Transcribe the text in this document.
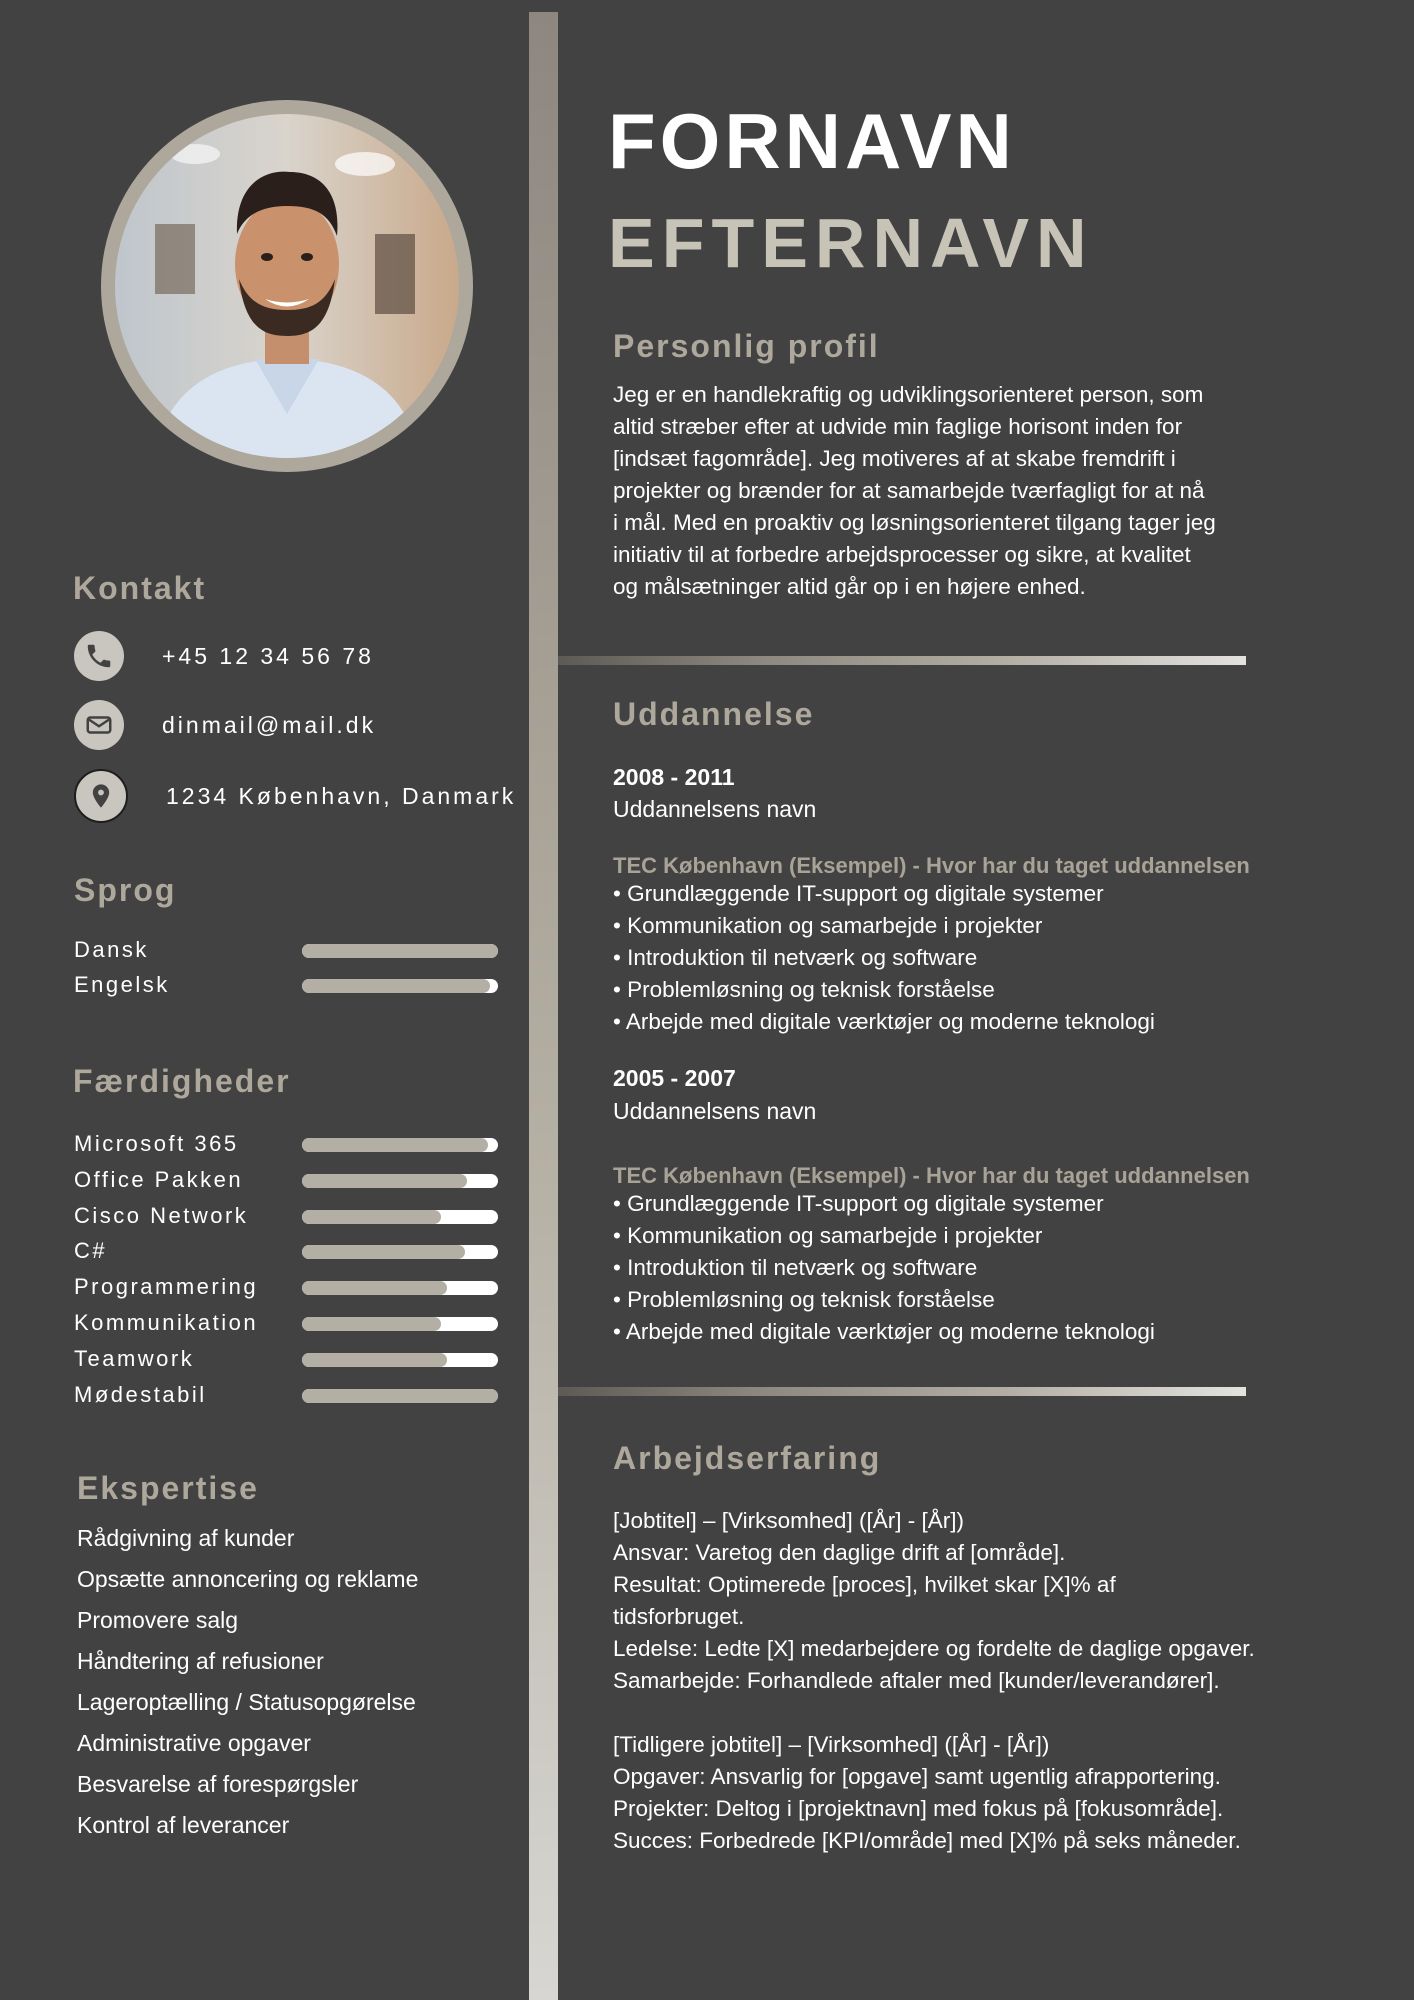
Kontakt
+45 12 34 56 78
dinmail@mail.dk
1234 København, Danmark
Sprog
Dansk
Engelsk
Færdigheder
Microsoft 365
Office Pakken
Cisco Network
C#
Programmering
Kommunikation
Teamwork
Mødestabil
Ekspertise
Rådgivning af kunder
Opsætte annoncering og reklame
Promovere salg
Håndtering af refusioner
Lageroptælling / Statusopgørelse
Administrative opgaver
Besvarelse af forespørgsler
Kontrol af leverancer
FORNAVN
EFTERNAVN
Personlig profil
Jeg er en handlekraftig og udviklingsorienteret person, som
altid stræber efter at udvide min faglige horisont inden for
[indsæt fagområde]. Jeg motiveres af at skabe fremdrift i
projekter og brænder for at samarbejde tværfagligt for at nå
i mål. Med en proaktiv og løsningsorienteret tilgang tager jeg
initiativ til at forbedre arbejdsprocesser og sikre, at kvalitet
og målsætninger altid går op i en højere enhed.
Uddannelse

2008 - 2011

Uddannelsens navn

TEC København (Eksempel) - Hvor har du taget uddannelsen

• Grundlæggende IT-support og digitale systemer
• Kommunikation og samarbejde i projekter
• Introduktion til netværk og software
• Problemløsning og teknisk forståelse
• Arbejde med digitale værktøjer og moderne teknologi

2005 - 2007

Uddannelsens navn

TEC København (Eksempel) - Hvor har du taget uddannelsen

• Grundlæggende IT-support og digitale systemer
• Kommunikation og samarbejde i projekter
• Introduktion til netværk og software
• Problemløsning og teknisk forståelse
• Arbejde med digitale værktøjer og moderne teknologi
Arbejdserfaring
[Jobtitel] – [Virksomhed] ([År] - [År])
Ansvar: Varetog den daglige drift af [område].
Resultat: Optimerede [proces], hvilket skar [X]% af
tidsforbruget.
Ledelse: Ledte [X] medarbejdere og fordelte de daglige opgaver.
Samarbejde: Forhandlede aftaler med [kunder/leverandører].
[Tidligere jobtitel] – [Virksomhed] ([År] - [År])
Opgaver: Ansvarlig for [opgave] samt ugentlig afrapportering.
Projekter: Deltog i [projektnavn] med fokus på [fokusområde].
Succes: Forbedrede [KPI/område] med [X]% på seks måneder.
